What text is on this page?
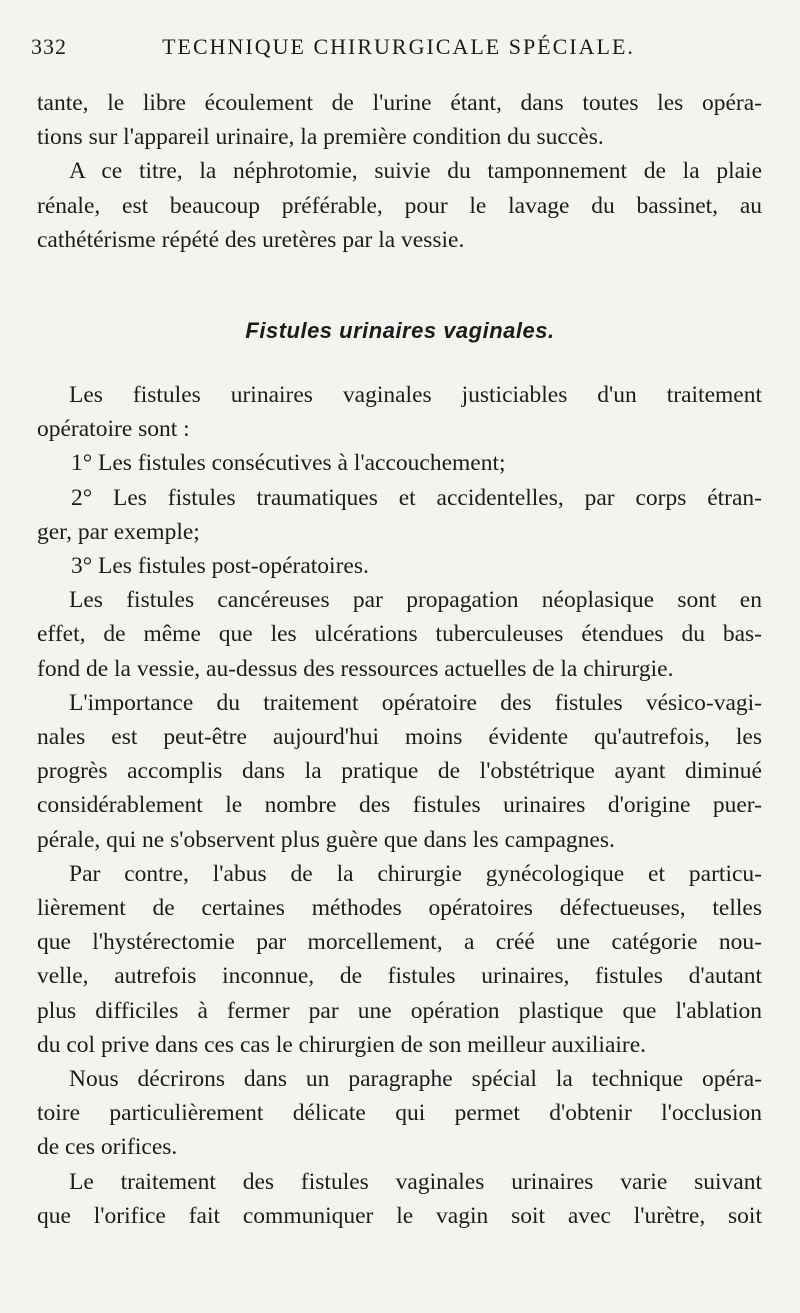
332	TECHNIQUE CHIRURGICALE SPÉCIALE.
tante, le libre écoulement de l'urine étant, dans toutes les opéra-
tions sur l'appareil urinaire, la première condition du succès.
A ce titre, la néphrotomie, suivie du tamponnement de la plaie
rénale, est beaucoup préférable, pour le lavage du bassinet, au
cathétérisme répété des uretères par la vessie.
Fistules urinaires vaginales.
Les fistules urinaires vaginales justiciables d'un traitement
opératoire sont :
1° Les fistules consécutives à l'accouchement;
2° Les fistules traumatiques et accidentelles, par corps étran-
ger, par exemple;
3° Les fistules post-opératoires.
Les fistules cancéreuses par propagation néoplasique sont en
effet, de même que les ulcérations tuberculeuses étendues du bas-
fond de la vessie, au-dessus des ressources actuelles de la chirurgie.
L'importance du traitement opératoire des fistules vésico-vagi-
nales est peut-être aujourd'hui moins évidente qu'autrefois, les
progrès accomplis dans la pratique de l'obstétrique ayant diminué
considérablement le nombre des fistules urinaires d'origine puer-
pérale, qui ne s'observent plus guère que dans les campagnes.
Par contre, l'abus de la chirurgie gynécologique et particu-
lièrement de certaines méthodes opératoires défectueuses, telles
que l'hystérectomie par morcellement, a créé une catégorie nou-
velle, autrefois inconnue, de fistules urinaires, fistules d'autant
plus difficiles à fermer par une opération plastique que l'ablation
du col prive dans ces cas le chirurgien de son meilleur auxiliaire.
Nous décrirons dans un paragraphe spécial la technique opéra-
toire particulièrement délicate qui permet d'obtenir l'occlusion
de ces orifices.
Le traitement des fistules vaginales urinaires varie suivant
que l'orifice fait communiquer le vagin soit avec l'urètre, soit
